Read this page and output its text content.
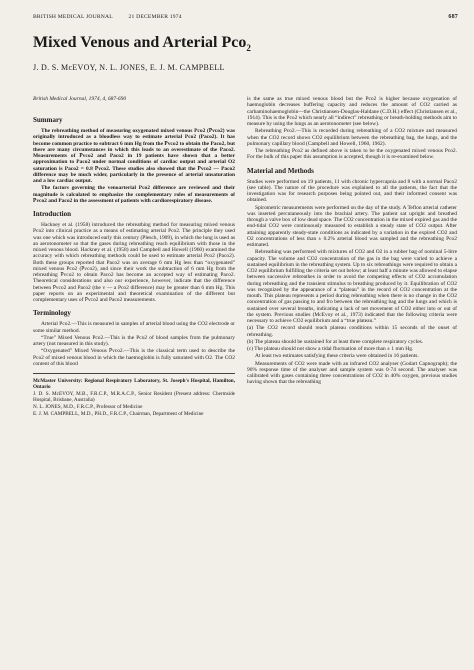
BRITISH MEDICAL JOURNAL	21 DECEMBER 1974	687
Mixed Venous and Arterial Pco$_2$
J. D. S. McEVOY, N. L. JONES, E. J. M. CAMPBELL
British Medical Journal, 1974, 4, 687-690
Summary

The rebreathing method of measuring oxygenated mixed venous Pco2 (P̅vco2) was originally introduced as a bloodless way to estimate arterial Pco2 (Paco2). It has become common practice to subtract 6 mm Hg from the P̅vco2 to obtain the Paco2, but there are many circumstances in which this leads to an overestimate of the Paco2. Measurements of P̅vco2 and Paco2 in 19 patients have shown that a better approximation to Paco2 under normal conditions of cardiac output and arterial O2 saturation is Paco2 = 0.8 P̅vco2. These studies also showed that the P̅vco2 — Paco2 difference may be much wider, particularly in the presence of arterial unsaturation and a low cardiac output.

The factors governing the venoarterial Pco2 difference are reviewed and their magnitude is calculated to emphasize the complementary roles of measurements of P̅vco2 and Paco2 in the assessment of patients with cardiorespiratory disease.

Introduction

Hackney et al. (1958) introduced the rebreathing method for measuring mixed venous Pco2 into clinical practice as a means of estimating arterial Pco2. The principle they used was one which was introduced early this century (Plesch, 1909), in which the lung is used as an aerotonometer so that the gases during rebreathing reach equilibrium with those in the mixed venous blood. Hackney et al. (1958) and Campbell and Howell (1960) examined the accuracy with which rebreathing methods could be used to estimate arterial Pco2 (Paco2). Both these groups reported that Paco2 was on average 6 mm Hg less than “oxygenated” mixed venous Pco2 (P̅vco2), and since their work the subtraction of 6 mm Hg from the rebreathing P̅vco2 to obtain Paco2 has become an accepted way of estimating Paco2. Theoretical considerations and also our experience, however, indicate that the difference between P̅vco2 and Paco2 (the v — a Pco2 difference) may be greater than 6 mm Hg. This paper reports on an experimental and theoretical examination of the different but complementary uses of P̅vco2 and Paco2 measurements.

Terminology

Arterial Pco2.—This is measured in samples of arterial blood using the CO2 electrode or some similar method.

“True” Mixed Venous Pco2.—This is the Pco2 of blood samples from the pulmonary artery (not measured in this study).

“Oxygenated” Mixed Venous P̅vco2.—This is the classical term used to describe the Pco2 of mixed venous blood in which the haemoglobin is fully saturated with O2. The CO2 content of this blood

McMaster University: Regional Respiratory Laboratory, St. Joseph's Hospital, Hamilton, Ontario

J. D. S. McEVOY, M.B., F.R.C.P., M.R.A.C.P., Senior Resident (Present address: Chermside Hospital, Brisbane, Australia)

N. L. JONES, M.D., F.R.C.P., Professor of Medicine

E. J. M. CAMPBELL, M.D., PH.D., F.R.C.P., Chairman, Department of Medicine

is the same as true mixed venous blood but the Pco2 is higher because oxygenation of haemoglobin decreases buffering capacity and reduces the amount of CO2 carried as carbaminohaemoglobin—the Christiansen-Douglas-Haldane (C.D.H.) effect (Christiansen et al., 1914). This is the Pco2 which nearly all “indirect” rebreathing or breath-holding methods aim to measure by using the lungs as an aerotonometer (see below).

Rebreathing Pco2.—This is recorded during rebreathing of a CO2 mixture and measured when the CO2 record shows CO2 equilibrium between the rebreathing bag, the lungs, and the pulmonary capillary blood (Campbell and Howell, 1960, 1962).

The rebreathing Pco2 as defined above is taken to be the oxygenated mixed venous Pco2. For the bulk of this paper this assumption is accepted, though it is re-examined below.

Material and Methods

Studies were performed on 19 patients, 11 with chronic hypercapnia and 8 with a normal Paco2 (see table). The nature of the procedure was explained to all the patients, the fact that the investigation was for research purposes being pointed out, and their informed consent was obtained.

Spirometric measurements were performed on the day of the study. A Teflon arterial catheter was inserted percutaneously into the brachial artery. The patient sat upright and breathed through a valve box of low dead space. The CO2 concentration in the mixed expired gas and the end-tidal CO2 were continuously measured to establish a steady state of CO2 output. After attaining apparently steady-state conditions as indicated by a variation in the expired CO2 and O2 concentrations of less than ± 0.2% arterial blood was sampled and the rebreathing Pco2 estimated.

Rebreathing was performed with mixtures of CO2 and O2 in a rubber bag of nominal 5-litre capacity. The volume and CO2 concentration of the gas in the bag were varied to achieve a sustained equilibrium in the rebreathing system. Up to six rebreathings were required to obtain a CO2 equilibrium fulfilling the criteria set out below; at least half a minute was allowed to elapse between successive rebreathes in order to avoid the competing effects of CO2 accumulation during rebreathing and the transient stimulus to breathing produced by it. Equilibration of CO2 was recognized by the appearance of a “plateau” in the record of CO2 concentration at the mouth. This plateau represents a period during rebreathing when there is no change in the CO2 concentration of gas passing to and fro between the rebreathing bag and the lungs and which is sustained over several breaths, indicating a lack of net movement of CO2 either into or out of the system. Previous studies (McEvoy et al., 1973) indicated that the following criteria were necessary to achieve CO2 equilibrium and a “true plateau.”

(a) The CO2 record should reach plateau conditions within 15 seconds of the onset of rebreathing.

(b) The plateau should be sustained for at least three complete respiratory cycles.

(c) The plateau should not show a tidal fluctuation of more than ± 1 mm Hg.

At least two estimates satisfying these criteria were obtained in 16 patients.

Measurements of CO2 were made with an infrared CO2 analyser (Godart Capnograph); the 90% response time of the analyser and sample system was 0·74 second. The analyser was calibrated with gases containing three concentrations of CO2 in 40% oxygen, previous studies having shown that the rebreathing
